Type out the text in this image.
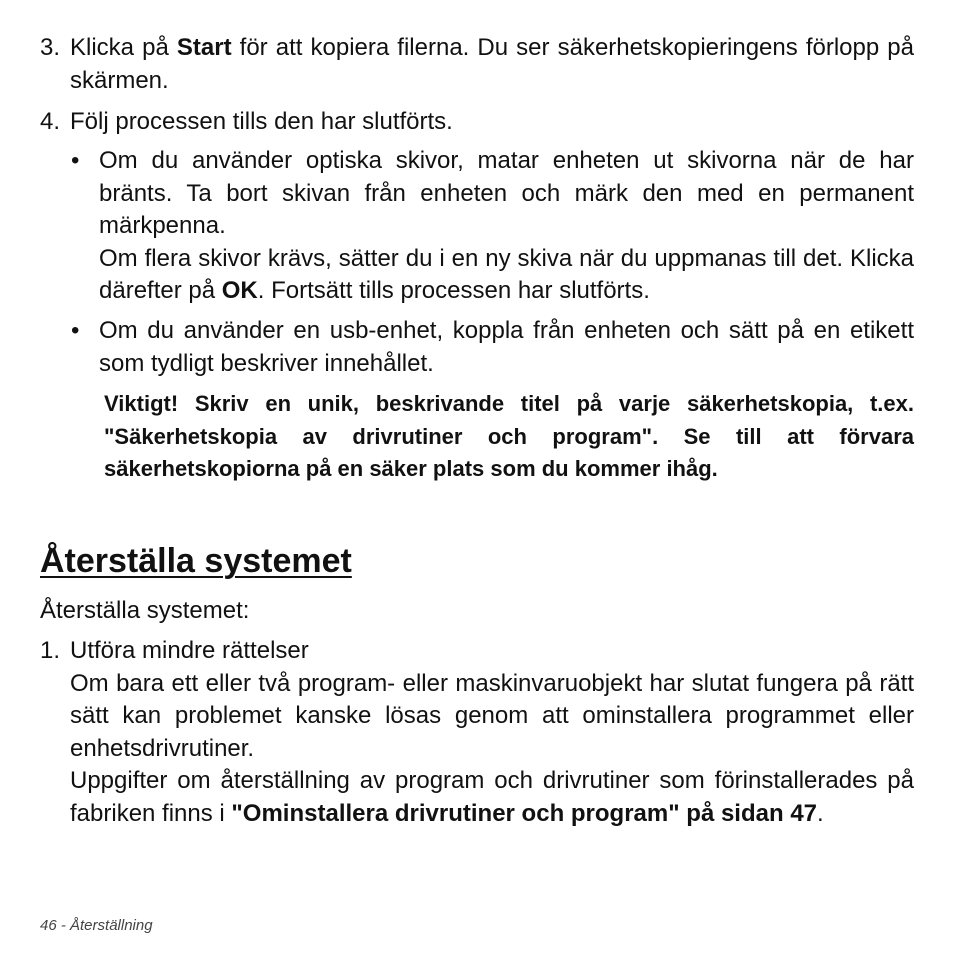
3. Klicka på Start för att kopiera filerna. Du ser säkerhetskopieringens förlopp på skärmen.
4. Följ processen tills den har slutförts.
• Om du använder optiska skivor, matar enheten ut skivorna när de har bränts. Ta bort skivan från enheten och märk den med en permanent märkpenna.

Om flera skivor krävs, sätter du i en ny skiva när du uppmanas till det. Klicka därefter på OK. Fortsätt tills processen har slutförts.

• Om du använder en usb-enhet, koppla från enheten och sätt på en etikett som tydligt beskriver innehållet.
Viktigt! Skriv en unik, beskrivande titel på varje säkerhetskopia, t.ex. "Säkerhetskopia av drivrutiner och program". Se till att förvara säkerhetskopiorna på en säker plats som du kommer ihåg.
Återställa systemet
Återställa systemet:
1. Utföra mindre rättelser

Om bara ett eller två program- eller maskinvaruobjekt har slutat fungera på rätt sätt kan problemet kanske lösas genom att ominstallera programmet eller enhetsdrivrutiner.

Uppgifter om återställning av program och drivrutiner som förinstallerades på fabriken finns i "Ominstallera drivrutiner och program" på sidan 47.

46 - Återställning
